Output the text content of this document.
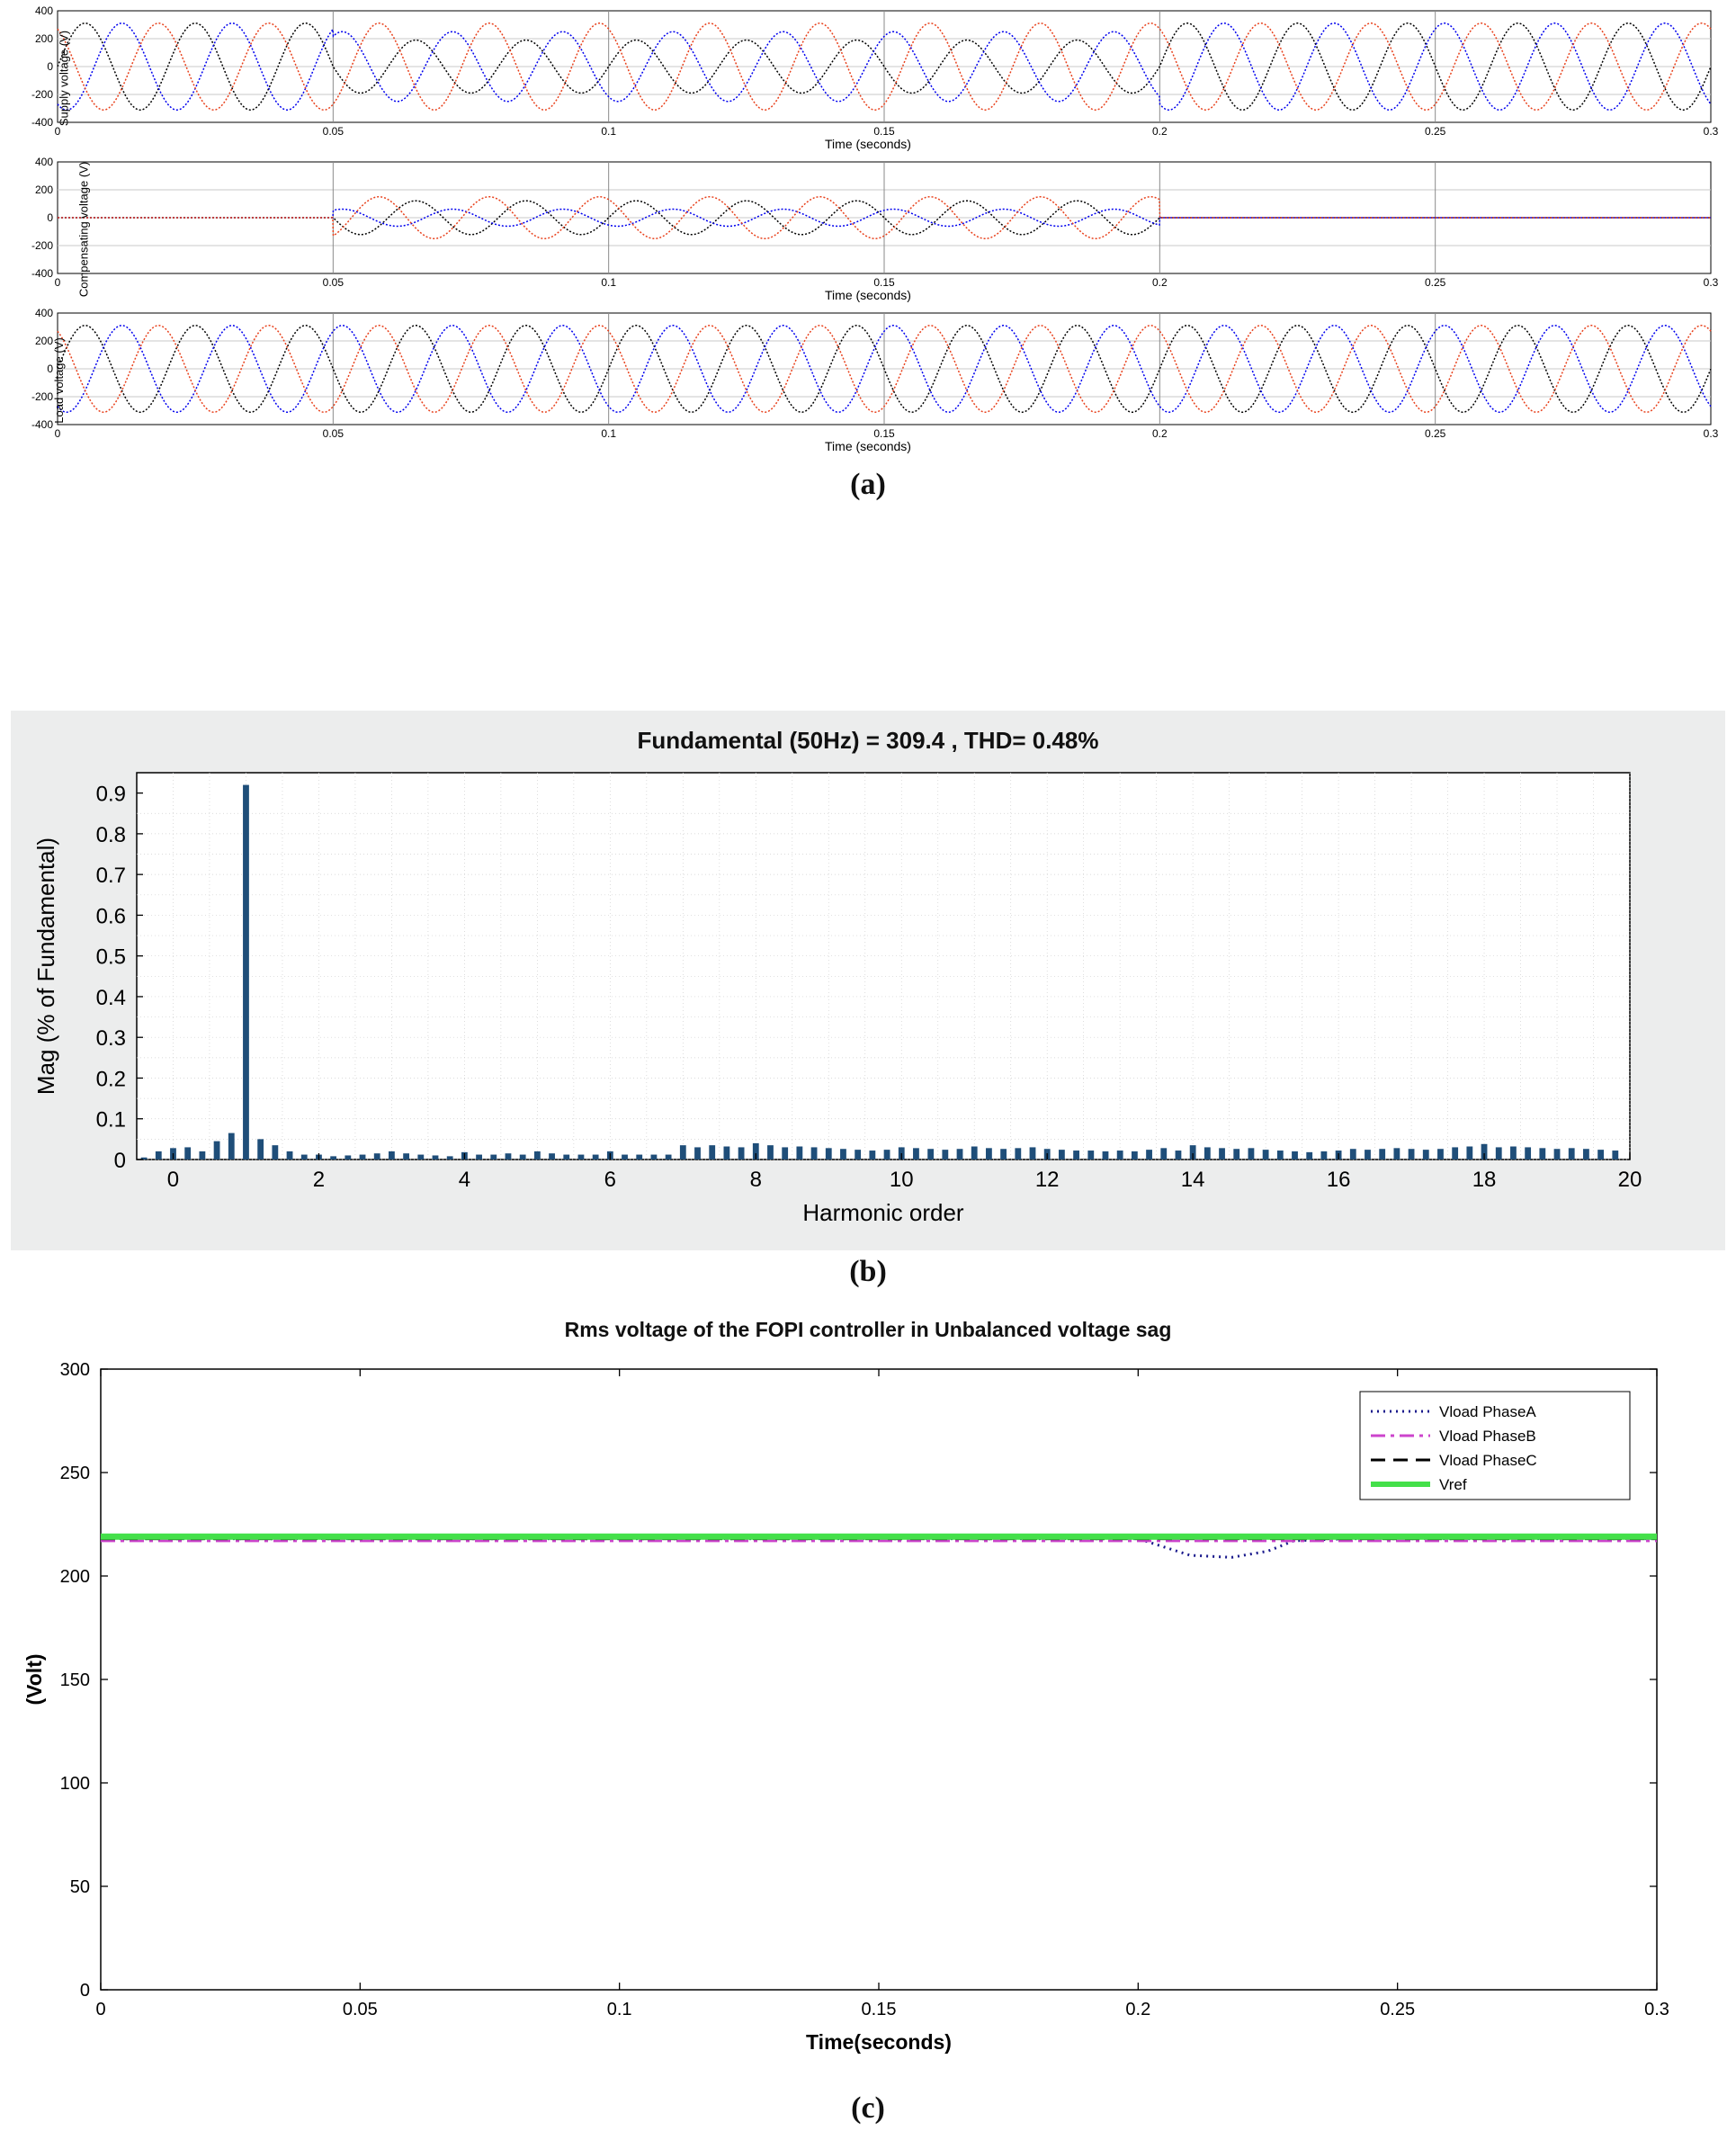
Supply voltage (V)
0	0.05	0.1	0.15	0.2	0.25	0.3
-400
-200
0
200
400
Time (seconds)
Compensating voltage (V)
0	0.05	0.1	0.15	0.2	0.25	0.3
-400
-200
0
200
400
Time (seconds)
Load voltage (V)
0	0.05	0.1	0.15	0.2	0.25	0.3
-400
-200
0
200
400
Time (seconds)
(a)
Fundamental (50Hz) = 309.4 , THD= 0.48%
0	2	4	6	8	10	12	14	16	18	20
0
0.1
0.2
0.3
0.4
0.5
0.6
0.7
0.8
0.9
Harmonic order
Mag (% of Fundamental)
(b)
Rms voltage of the FOPI controller in Unbalanced voltage sag
0	0.05	0.1	0.15	0.2	0.25	0.3
0
50
100
150
200
250
300
Time(seconds)
(Volt)
Vload PhaseA
Vload PhaseB
Vload PhaseC
Vref
(c)
